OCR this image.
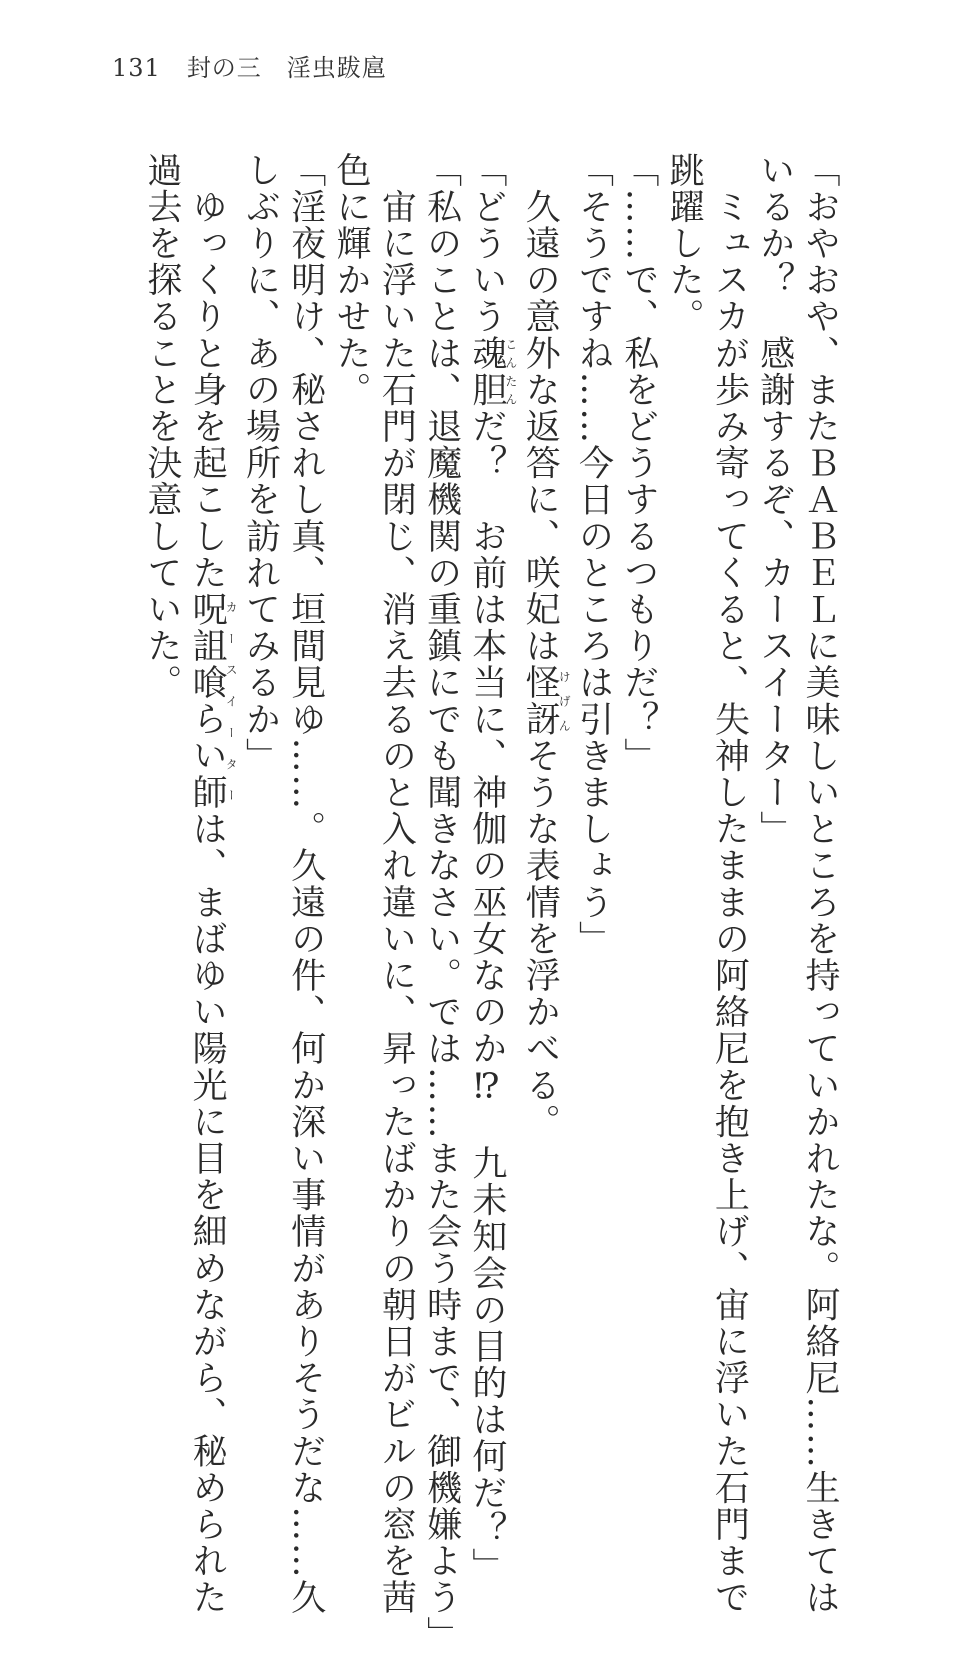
131 封の三　淫虫跋扈
「おやおや、またＢＡＢＥＬに美味しいところを持っていかれたな。阿絡尼……生きては
いるか？　感謝するぞ、カースイーター」
　ミュスカが歩み寄ってくると、失神したままの阿絡尼を抱き上げ、宙に浮いた石門まで
跳躍した。
「……で、私をどうするつもりだ？」
「そうですね……今日のところは引きましょう」
　久遠の意外な返答に、咲妃は怪訝けげんそうな表情を浮かべる。
「どういう魂胆こんたんだ？　お前は本当に、神伽の巫女なのか⁉　九未知会の目的は何だ？」
「私のことは、退魔機関の重鎮にでも聞きなさい。では……また会う時まで、御機嫌よう」
　宙に浮いた石門が閉じ、消え去るのと入れ違いに、昇ったばかりの朝日がビルの窓を茜
色に輝かせた。
「淫夜明け、秘されし真、垣間見ゆ……。久遠の件、何か深い事情がありそうだな……久
しぶりに、あの場所を訪れてみるか」
　ゆっくりと身を起こした呪詛喰らい師カースイーターは、まばゆい陽光に目を細めながら、秘められた
過去を探ることを決意していた。
